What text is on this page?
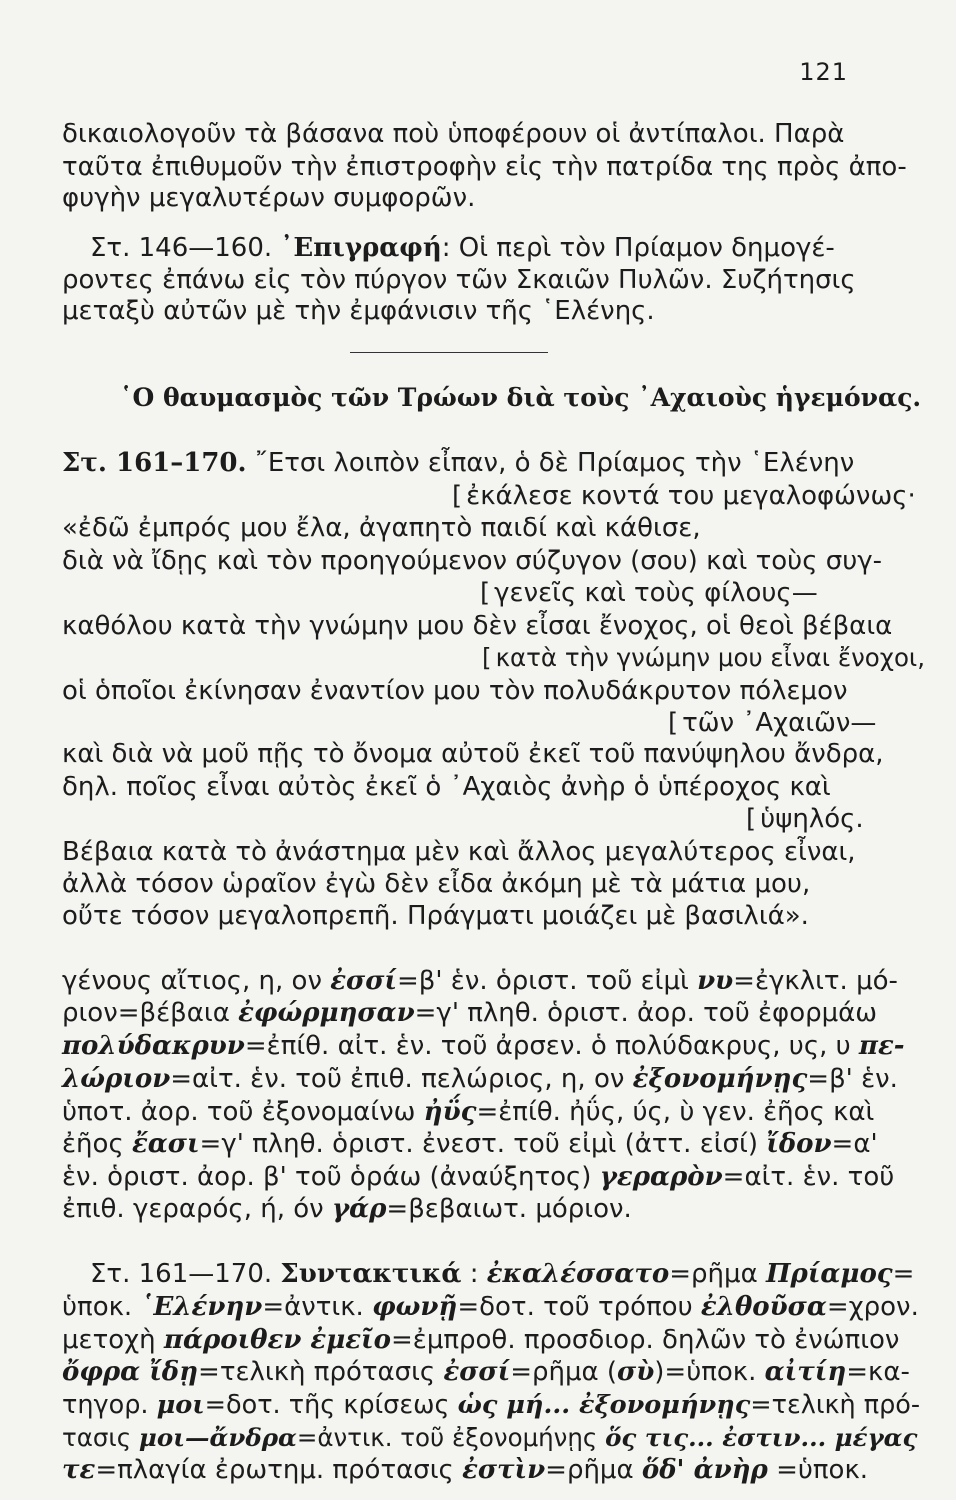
121
δικαιολογοῦν τὰ βάσανα ποὺ ὑποφέρουν οἱ ἀντίπαλοι. Παρὰ
ταῦτα ἐπιθυμοῦν τὴν ἐπιστροφὴν εἰς τὴν πατρίδα της πρὸς ἀπο-
φυγὴν μεγαλυτέρων συμφορῶν.
Στ. 146—160. ᾿Επιγραφή: Οἱ περὶ τὸν Πρίαμον δημογέ-
ροντες ἐπάνω εἰς τὸν πύργον τῶν Σκαιῶν Πυλῶν. Συζήτησις
μεταξὺ αὐτῶν μὲ τὴν ἐμφάνισιν τῆς ῾Ελένης.
῾Ο θαυμασμὸς τῶν Τρώων διὰ τοὺς ᾿Αχαιοὺς ἡγεμόνας.
Στ. 161–170. ῎Ετσι λοιπὸν εἶπαν, ὁ δὲ Πρίαμος τὴν ῾Ελένην
[ ἐκάλεσε κοντά του μεγαλοφώνως·
«ἐδῶ ἐμπρός μου ἔλα, ἀγαπητὸ παιδί καὶ κάθισε,
διὰ νὰ ἴδῃς καὶ τὸν προηγούμενον σύζυγον (σου) καὶ τοὺς συγ-
[ γενεῖς καὶ τοὺς φίλους—
καθόλου κατὰ τὴν γνώμην μου δὲν εἶσαι ἔνοχος, οἱ θεοὶ βέβαια
[ κατὰ τὴν γνώμην μου εἶναι ἔνοχοι,
οἱ ὁποῖοι ἐκίνησαν ἐναντίον μου τὸν πολυδάκρυτον πόλεμον
[ τῶν ᾿Αχαιῶν—
καὶ διὰ νὰ μοῦ πῇς τὸ ὄνομα αὐτοῦ ἐκεῖ τοῦ πανύψηλου ἄνδρα,
δηλ. ποῖος εἶναι αὐτὸς ἐκεῖ ὁ ᾿Αχαιὸς ἀνὴρ ὁ ὑπέροχος καὶ
[ ὑψηλός.
Βέβαια κατὰ τὸ ἀνάστημα μὲν καὶ ἄλλος μεγαλύτερος εἶναι,
ἀλλὰ τόσον ὡραῖον ἐγὼ δὲν εἶδα ἀκόμη μὲ τὰ μάτια μου,
οὔτε τόσον μεγαλοπρεπῆ. Πράγματι μοιάζει μὲ βασιλιά».
γένους αἴτιος, η, ον ἐσσί=β' ἑν. ὁριστ. τοῦ εἰμὶ νυ=ἐγκλιτ. μό-
ριον=βέβαια ἐφώρμησαν=γ' πληθ. ὁριστ. ἀορ. τοῦ ἐφορμάω
πολύδακρυν=ἐπίθ. αἰτ. ἑν. τοῦ ἀρσεν. ὁ πολύδακρυς, υς, υ πε-
λώριον=αἰτ. ἑν. τοῦ ἐπιθ. πελώριος, η, ον ἐξονομήνῃς=β' ἑν.
ὑποτ. ἀορ. τοῦ ἐξονομαίνω ἠΰς=ἐπίθ. ἠΰς, ύς, ὺ γεν. ἐῆος καὶ
ἐῆος ἔασι=γ' πληθ. ὁριστ. ἐνεστ. τοῦ εἰμὶ (ἀττ. εἰσί) ἴδον=α'
ἑν. ὁριστ. ἀορ. β' τοῦ ὁράω (ἀναύξητος) γεραρὸν=αἰτ. ἑν. τοῦ
ἐπιθ. γεραρός, ή, όν γάρ=βεβαιωτ. μόριον.
Στ. 161—170. Συντακτικά : ἐκαλέσσατο=ρῆμα Πρίαμος=
ὑποκ. ῾Ελένην=ἀντικ. φωνῇ=δοτ. τοῦ τρόπου ἐλθοῦσα=χρον.
μετοχὴ πάροιθεν ἐμεῖο=ἐμπροθ. προσδιορ. δηλῶν τὸ ἐνώπιον
ὄφρα ἴδῃ=τελικὴ πρότασις ἐσσί=ρῆμα (σὺ)=ὑποκ. αἰτίη=κα-
τηγορ. μοι=δοτ. τῆς κρίσεως ὡς μή... ἐξονομήνῃς=τελικὴ πρό-
τασις μοι—ἄνδρα=ἀντικ. τοῦ ἐξονομήνῃς ὅς τις... ἐστιν... μέγας
τε=πλαγία ἐρωτημ. πρότασις ἐστὶν=ρῆμα ὅδ' ἀνὴρ =ὑποκ.
